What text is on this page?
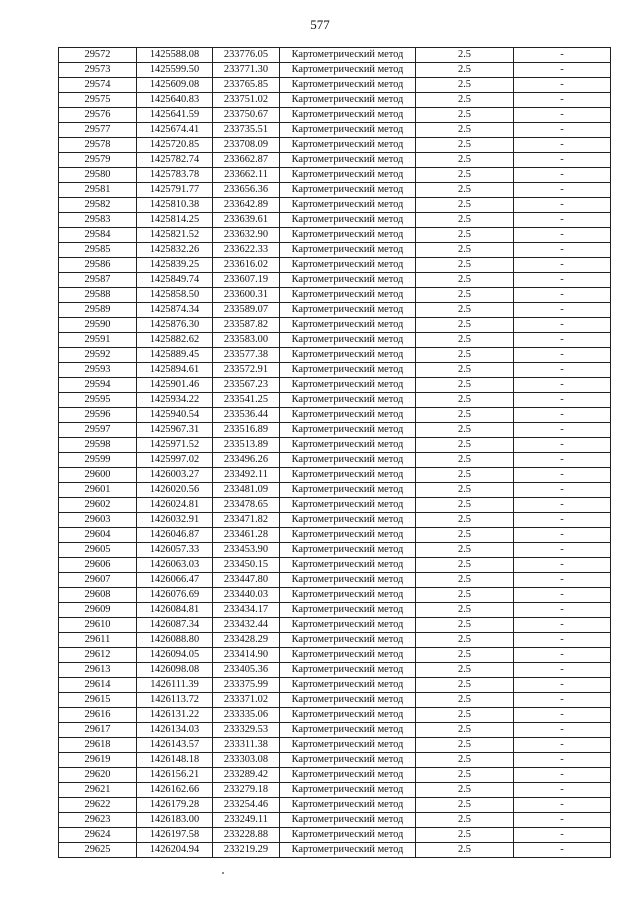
577
29572	1425588.08	233776.05	Картометрический метод	2.5	-
29573	1425599.50	233771.30	Картометрический метод	2.5	-
29574	1425609.08	233765.85	Картометрический метод	2.5	-
29575	1425640.83	233751.02	Картометрический метод	2.5	-
29576	1425641.59	233750.67	Картометрический метод	2.5	-
29577	1425674.41	233735.51	Картометрический метод	2.5	-
29578	1425720.85	233708.09	Картометрический метод	2.5	-
29579	1425782.74	233662.87	Картометрический метод	2.5	-
29580	1425783.78	233662.11	Картометрический метод	2.5	-
29581	1425791.77	233656.36	Картометрический метод	2.5	-
29582	1425810.38	233642.89	Картометрический метод	2.5	-
29583	1425814.25	233639.61	Картометрический метод	2.5	-
29584	1425821.52	233632.90	Картометрический метод	2.5	-
29585	1425832.26	233622.33	Картометрический метод	2.5	-
29586	1425839.25	233616.02	Картометрический метод	2.5	-
29587	1425849.74	233607.19	Картометрический метод	2.5	-
29588	1425858.50	233600.31	Картометрический метод	2.5	-
29589	1425874.34	233589.07	Картометрический метод	2.5	-
29590	1425876.30	233587.82	Картометрический метод	2.5	-
29591	1425882.62	233583.00	Картометрический метод	2.5	-
29592	1425889.45	233577.38	Картометрический метод	2.5	-
29593	1425894.61	233572.91	Картометрический метод	2.5	-
29594	1425901.46	233567.23	Картометрический метод	2.5	-
29595	1425934.22	233541.25	Картометрический метод	2.5	-
29596	1425940.54	233536.44	Картометрический метод	2.5	-
29597	1425967.31	233516.89	Картометрический метод	2.5	-
29598	1425971.52	233513.89	Картометрический метод	2.5	-
29599	1425997.02	233496.26	Картометрический метод	2.5	-
29600	1426003.27	233492.11	Картометрический метод	2.5	-
29601	1426020.56	233481.09	Картометрический метод	2.5	-
29602	1426024.81	233478.65	Картометрический метод	2.5	-
29603	1426032.91	233471.82	Картометрический метод	2.5	-
29604	1426046.87	233461.28	Картометрический метод	2.5	-
29605	1426057.33	233453.90	Картометрический метод	2.5	-
29606	1426063.03	233450.15	Картометрический метод	2.5	-
29607	1426066.47	233447.80	Картометрический метод	2.5	-
29608	1426076.69	233440.03	Картометрический метод	2.5	-
29609	1426084.81	233434.17	Картометрический метод	2.5	-
29610	1426087.34	233432.44	Картометрический метод	2.5	-
29611	1426088.80	233428.29	Картометрический метод	2.5	-
29612	1426094.05	233414.90	Картометрический метод	2.5	-
29613	1426098.08	233405.36	Картометрический метод	2.5	-
29614	1426111.39	233375.99	Картометрический метод	2.5	-
29615	1426113.72	233371.02	Картометрический метод	2.5	-
29616	1426131.22	233335.06	Картометрический метод	2.5	-
29617	1426134.03	233329.53	Картометрический метод	2.5	-
29618	1426143.57	233311.38	Картометрический метод	2.5	-
29619	1426148.18	233303.08	Картометрический метод	2.5	-
29620	1426156.21	233289.42	Картометрический метод	2.5	-
29621	1426162.66	233279.18	Картометрический метод	2.5	-
29622	1426179.28	233254.46	Картометрический метод	2.5	-
29623	1426183.00	233249.11	Картометрический метод	2.5	-
29624	1426197.58	233228.88	Картометрический метод	2.5	-
29625	1426204.94	233219.29	Картометрический метод	2.5	-
